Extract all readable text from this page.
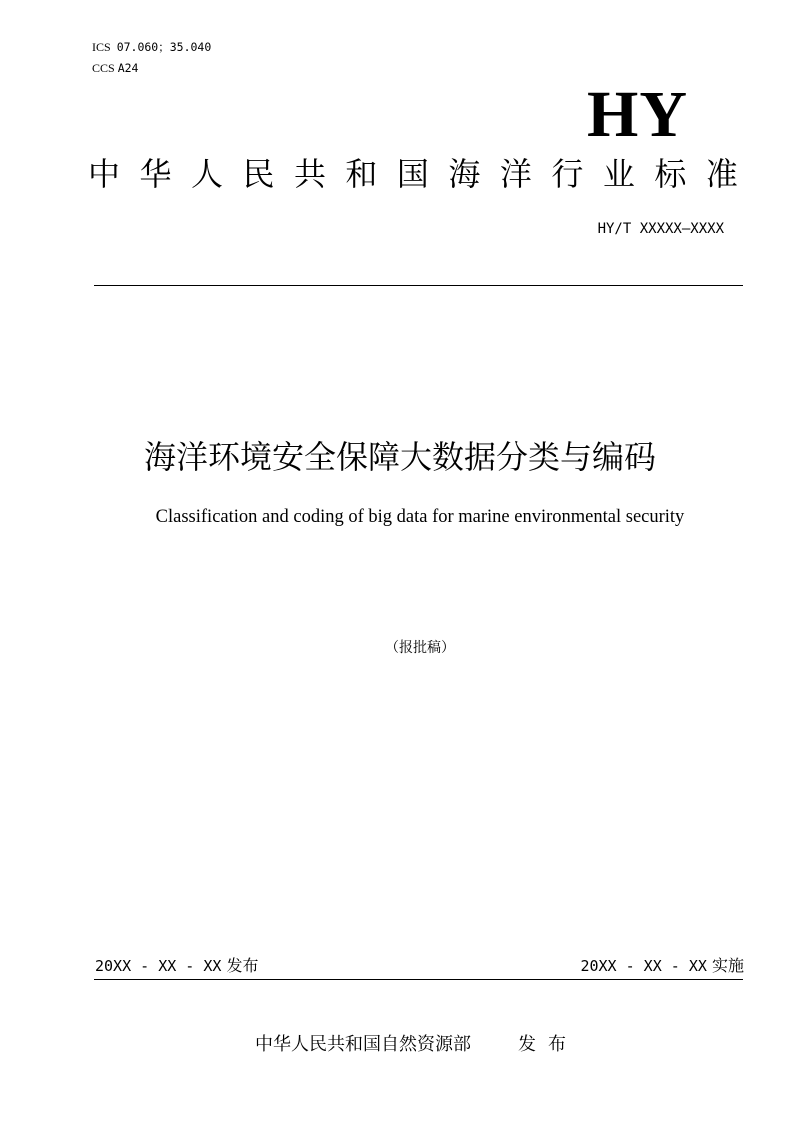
ICS 07.060；35.040
CCS A24
HY
中 华 人 民 共 和 国 海 洋 行 业 标 准
HY/T XXXXX—XXXX
海洋环境安全保障大数据分类与编码
Classification and coding of big data for marine environmental security
（报批稿）
20XX - XX - XX 发布	20XX - XX - XX 实施
中华人民共和国自然资源部	发布
